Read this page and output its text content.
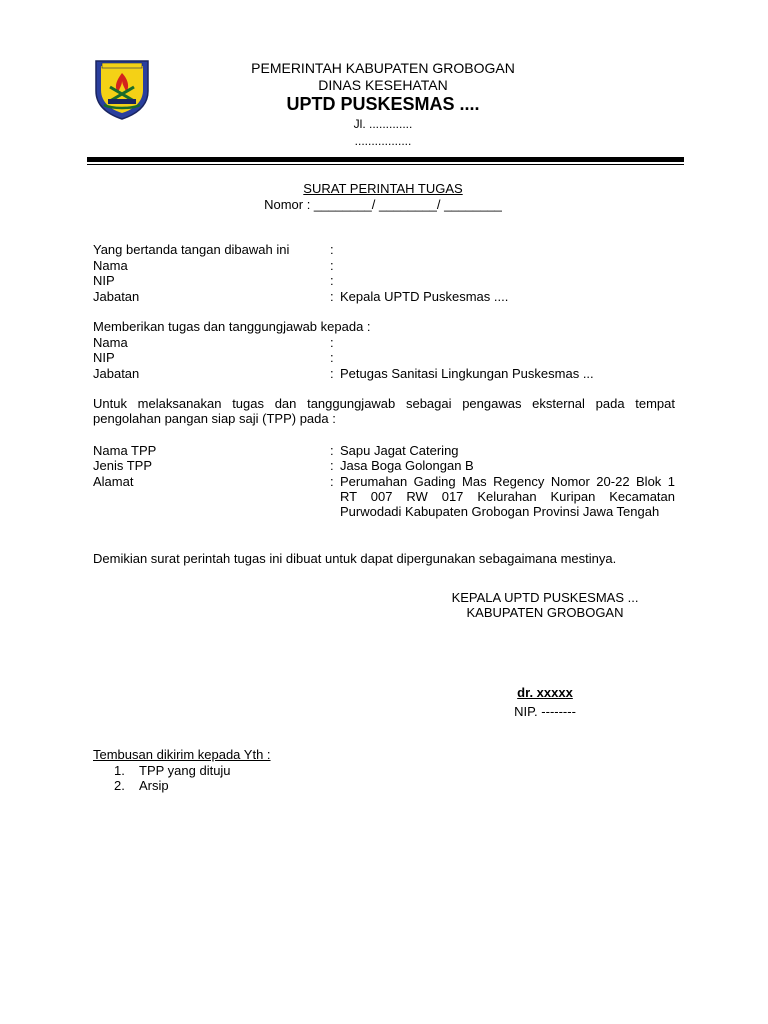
PEMERINTAH KABUPATEN GROBOGAN
DINAS KESEHATAN
UPTD PUSKESMAS ....
Jl. .............
.................
SURAT PERINTAH TUGAS
Nomor : ________/ ________/ ________
Yang bertanda tangan dibawah ini	:
Nama	:
NIP	:
Jabatan	: Kepala UPTD Puskesmas ....
Memberikan tugas dan tanggungjawab kepada :
Nama	:
NIP	:
Jabatan	: Petugas Sanitasi Lingkungan Puskesmas ...
Untuk melaksanakan tugas dan tanggungjawab sebagai pengawas eksternal pada tempat pengolahan pangan siap saji (TPP) pada :
Nama TPP	: Sapu Jagat Catering
Jenis TPP	: Jasa Boga Golongan B
Alamat	: Perumahan Gading Mas Regency Nomor 20-22 Blok 1 RT 007 RW 017 Kelurahan Kuripan Kecamatan Purwodadi Kabupaten Grobogan Provinsi Jawa Tengah
Demikian surat perintah tugas ini dibuat untuk dapat dipergunakan sebagaimana mestinya.
KEPALA UPTD PUSKESMAS ...
KABUPATEN GROBOGAN
dr. xxxxx
NIP. --------
Tembusan dikirim kepada Yth :
1. TPP yang dituju
2. Arsip
